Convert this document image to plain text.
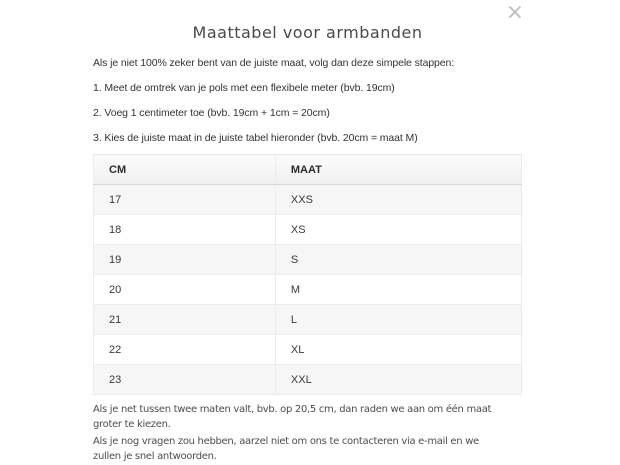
×
Maattabel voor armbanden

Als je niet 100% zeker bent van de juiste maat, volg dan deze simpele stappen:

1. Meet de omtrek van je pols met een flexibele meter (bvb. 19cm)

2. Voeg 1 centimeter toe (bvb. 19cm + 1cm = 20cm)

3. Kies de juiste maat in de juiste tabel hieronder (bvb. 20cm = maat M)

CM	MAAT
17	XXS
18	XS
19	S
20	M
21	L
22	XL
23	XXL
Als je net tussen twee maten valt, bvb. op 20,5 cm, dan raden we aan om één maat
groter te kiezen.
Als je nog vragen zou hebben, aarzel niet om ons te contacteren via e-mail en we
zullen je snel antwoorden.
